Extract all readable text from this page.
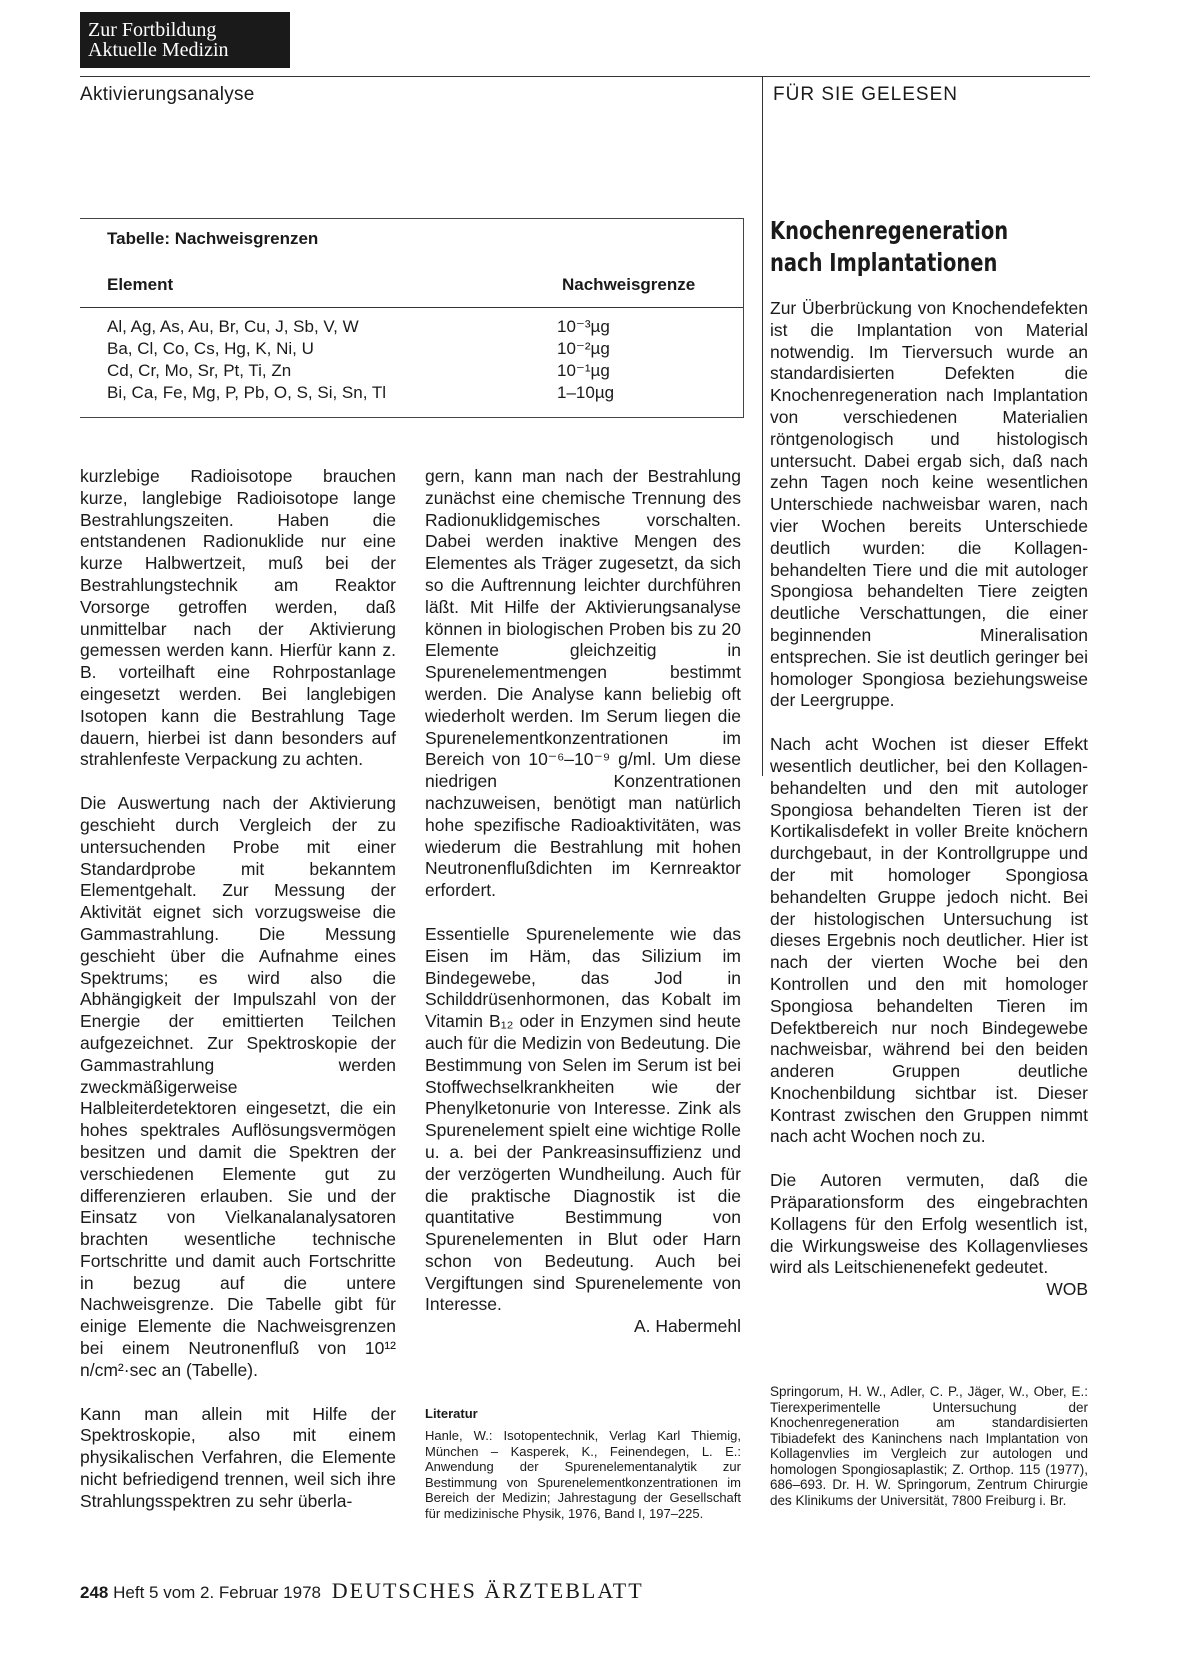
Zur Fortbildung
Aktuelle Medizin
Aktivierungsanalyse	FÜR SIE GELESEN
Tabelle: Nachweisgrenzen
Element	Nachweisgrenze
Al, Ag, As, Au, Br, Cu, J, Sb, V, W	10⁻³µg
Ba, Cl, Co, Cs, Hg, K, Ni, U	10⁻²µg
Cd, Cr, Mo, Sr, Pt, Ti, Zn	10⁻¹µg
Bi, Ca, Fe, Mg, P, Pb, O, S, Si, Sn, Tl	1–10µg

kurzlebige Radioisotope brauchen kurze, langlebige Radioisotope lange Bestrahlungszeiten. Haben die entstandenen Radionuklide nur eine kurze Halbwertzeit, muß bei der Bestrahlungstechnik am Reaktor Vorsorge getroffen werden, daß unmittelbar nach der Aktivierung gemessen werden kann. Hierfür kann z. B. vorteilhaft eine Rohrpostanlage eingesetzt werden. Bei langlebigen Isotopen kann die Bestrahlung Tage dauern, hierbei ist dann besonders auf strahlenfeste Verpackung zu achten.

Die Auswertung nach der Aktivierung geschieht durch Vergleich der zu untersuchenden Probe mit einer Standardprobe mit bekanntem Elementgehalt. Zur Messung der Aktivität eignet sich vorzugsweise die Gammastrahlung. Die Messung geschieht über die Aufnahme eines Spektrums; es wird also die Abhängigkeit der Impulszahl von der Energie der emittierten Teilchen aufgezeichnet. Zur Spektroskopie der Gammastrahlung werden zweckmäßigerweise Halbleiterdetektoren eingesetzt, die ein hohes spektrales Auflösungsvermögen besitzen und damit die Spektren der verschiedenen Elemente gut zu differenzieren erlauben. Sie und der Einsatz von Vielkanalanalysatoren brachten wesentliche technische Fortschritte und damit auch Fortschritte in bezug auf die untere Nachweisgrenze. Die Tabelle gibt für einige Elemente die Nachweisgrenzen bei einem Neutronenfluß von 10¹² n/cm²·sec an (Tabelle).

Kann man allein mit Hilfe der Spektroskopie, also mit einem physikalischen Verfahren, die Elemente nicht befriedigend trennen, weil sich ihre Strahlungsspektren zu sehr überla-

gern, kann man nach der Bestrahlung zunächst eine chemische Trennung des Radionuklidgemisches vorschalten. Dabei werden inaktive Mengen des Elementes als Träger zugesetzt, da sich so die Auftrennung leichter durchführen läßt. Mit Hilfe der Aktivierungsanalyse können in biologischen Proben bis zu 20 Elemente gleichzeitig in Spurenelementmengen bestimmt werden. Die Analyse kann beliebig oft wiederholt werden. Im Serum liegen die Spurenelementkonzentrationen im Bereich von 10⁻⁶–10⁻⁹ g/ml. Um diese niedrigen Konzentrationen nachzuweisen, benötigt man natürlich hohe spezifische Radioaktivitäten, was wiederum die Bestrahlung mit hohen Neutronenflußdichten im Kernreaktor erfordert.

Essentielle Spurenelemente wie das Eisen im Häm, das Silizium im Bindegewebe, das Jod in Schilddrüsenhormonen, das Kobalt im Vitamin B₁₂ oder in Enzymen sind heute auch für die Medizin von Bedeutung. Die Bestimmung von Selen im Serum ist bei Stoffwechselkrankheiten wie der Phenylketonurie von Interesse. Zink als Spurenelement spielt eine wichtige Rolle u. a. bei der Pankreasinsuffizienz und der verzögerten Wundheilung. Auch für die praktische Diagnostik ist die quantitative Bestimmung von Spurenelementen in Blut oder Harn schon von Bedeutung. Auch bei Vergiftungen sind Spurenelemente von Interesse.

A. Habermehl
Literatur
Hanle, W.: Isotopentechnik, Verlag Karl Thiemig, München – Kasperek, K., Feinendegen, L. E.: Anwendung der Spurenelementanalytik zur Bestimmung von Spurenelementkonzentrationen im Bereich der Medizin; Jahrestagung der Gesellschaft für medizinische Physik, 1976, Band I, 197–225.
Knochenregeneration
nach Implantationen

Zur Überbrückung von Knochendefekten ist die Implantation von Material notwendig. Im Tierversuch wurde an standardisierten Defekten die Knochenregeneration nach Implantation von verschiedenen Materialien röntgenologisch und histologisch untersucht. Dabei ergab sich, daß nach zehn Tagen noch keine wesentlichen Unterschiede nachweisbar waren, nach vier Wochen bereits Unterschiede deutlich wurden: die Kollagen-behandelten Tiere und die mit autologer Spongiosa behandelten Tiere zeigten deutliche Verschattungen, die einer beginnenden Mineralisation entsprechen. Sie ist deutlich geringer bei homologer Spongiosa beziehungsweise der Leergruppe.

Nach acht Wochen ist dieser Effekt wesentlich deutlicher, bei den Kollagen-behandelten und den mit autologer Spongiosa behandelten Tieren ist der Kortikalisdefekt in voller Breite knöchern durchgebaut, in der Kontrollgruppe und der mit homologer Spongiosa behandelten Gruppe jedoch nicht. Bei der histologischen Untersuchung ist dieses Ergebnis noch deutlicher. Hier ist nach der vierten Woche bei den Kontrollen und den mit homologer Spongiosa behandelten Tieren im Defektbereich nur noch Bindegewebe nachweisbar, während bei den beiden anderen Gruppen deutliche Knochenbildung sichtbar ist. Dieser Kontrast zwischen den Gruppen nimmt nach acht Wochen noch zu.

Die Autoren vermuten, daß die Präparationsform des eingebrachten Kollagens für den Erfolg wesentlich ist, die Wirkungsweise des Kollagenvlieses wird als Leitschienenefekt gedeutet.

WOB
Springorum, H. W., Adler, C. P., Jäger, W., Ober, E.: Tierexperimentelle Untersuchung der Knochenregeneration am standardisierten Tibiadefekt des Kaninchens nach Implantation von Kollagenvlies im Vergleich zur autologen und homologen Spongiosaplastik; Z. Orthop. 115 (1977), 686–693. Dr. H. W. Springorum, Zentrum Chirurgie des Klinikums der Universität, 7800 Freiburg i. Br.
248 Heft 5 vom 2. Februar 1978 DEUTSCHES ÄRZTEBLATT
